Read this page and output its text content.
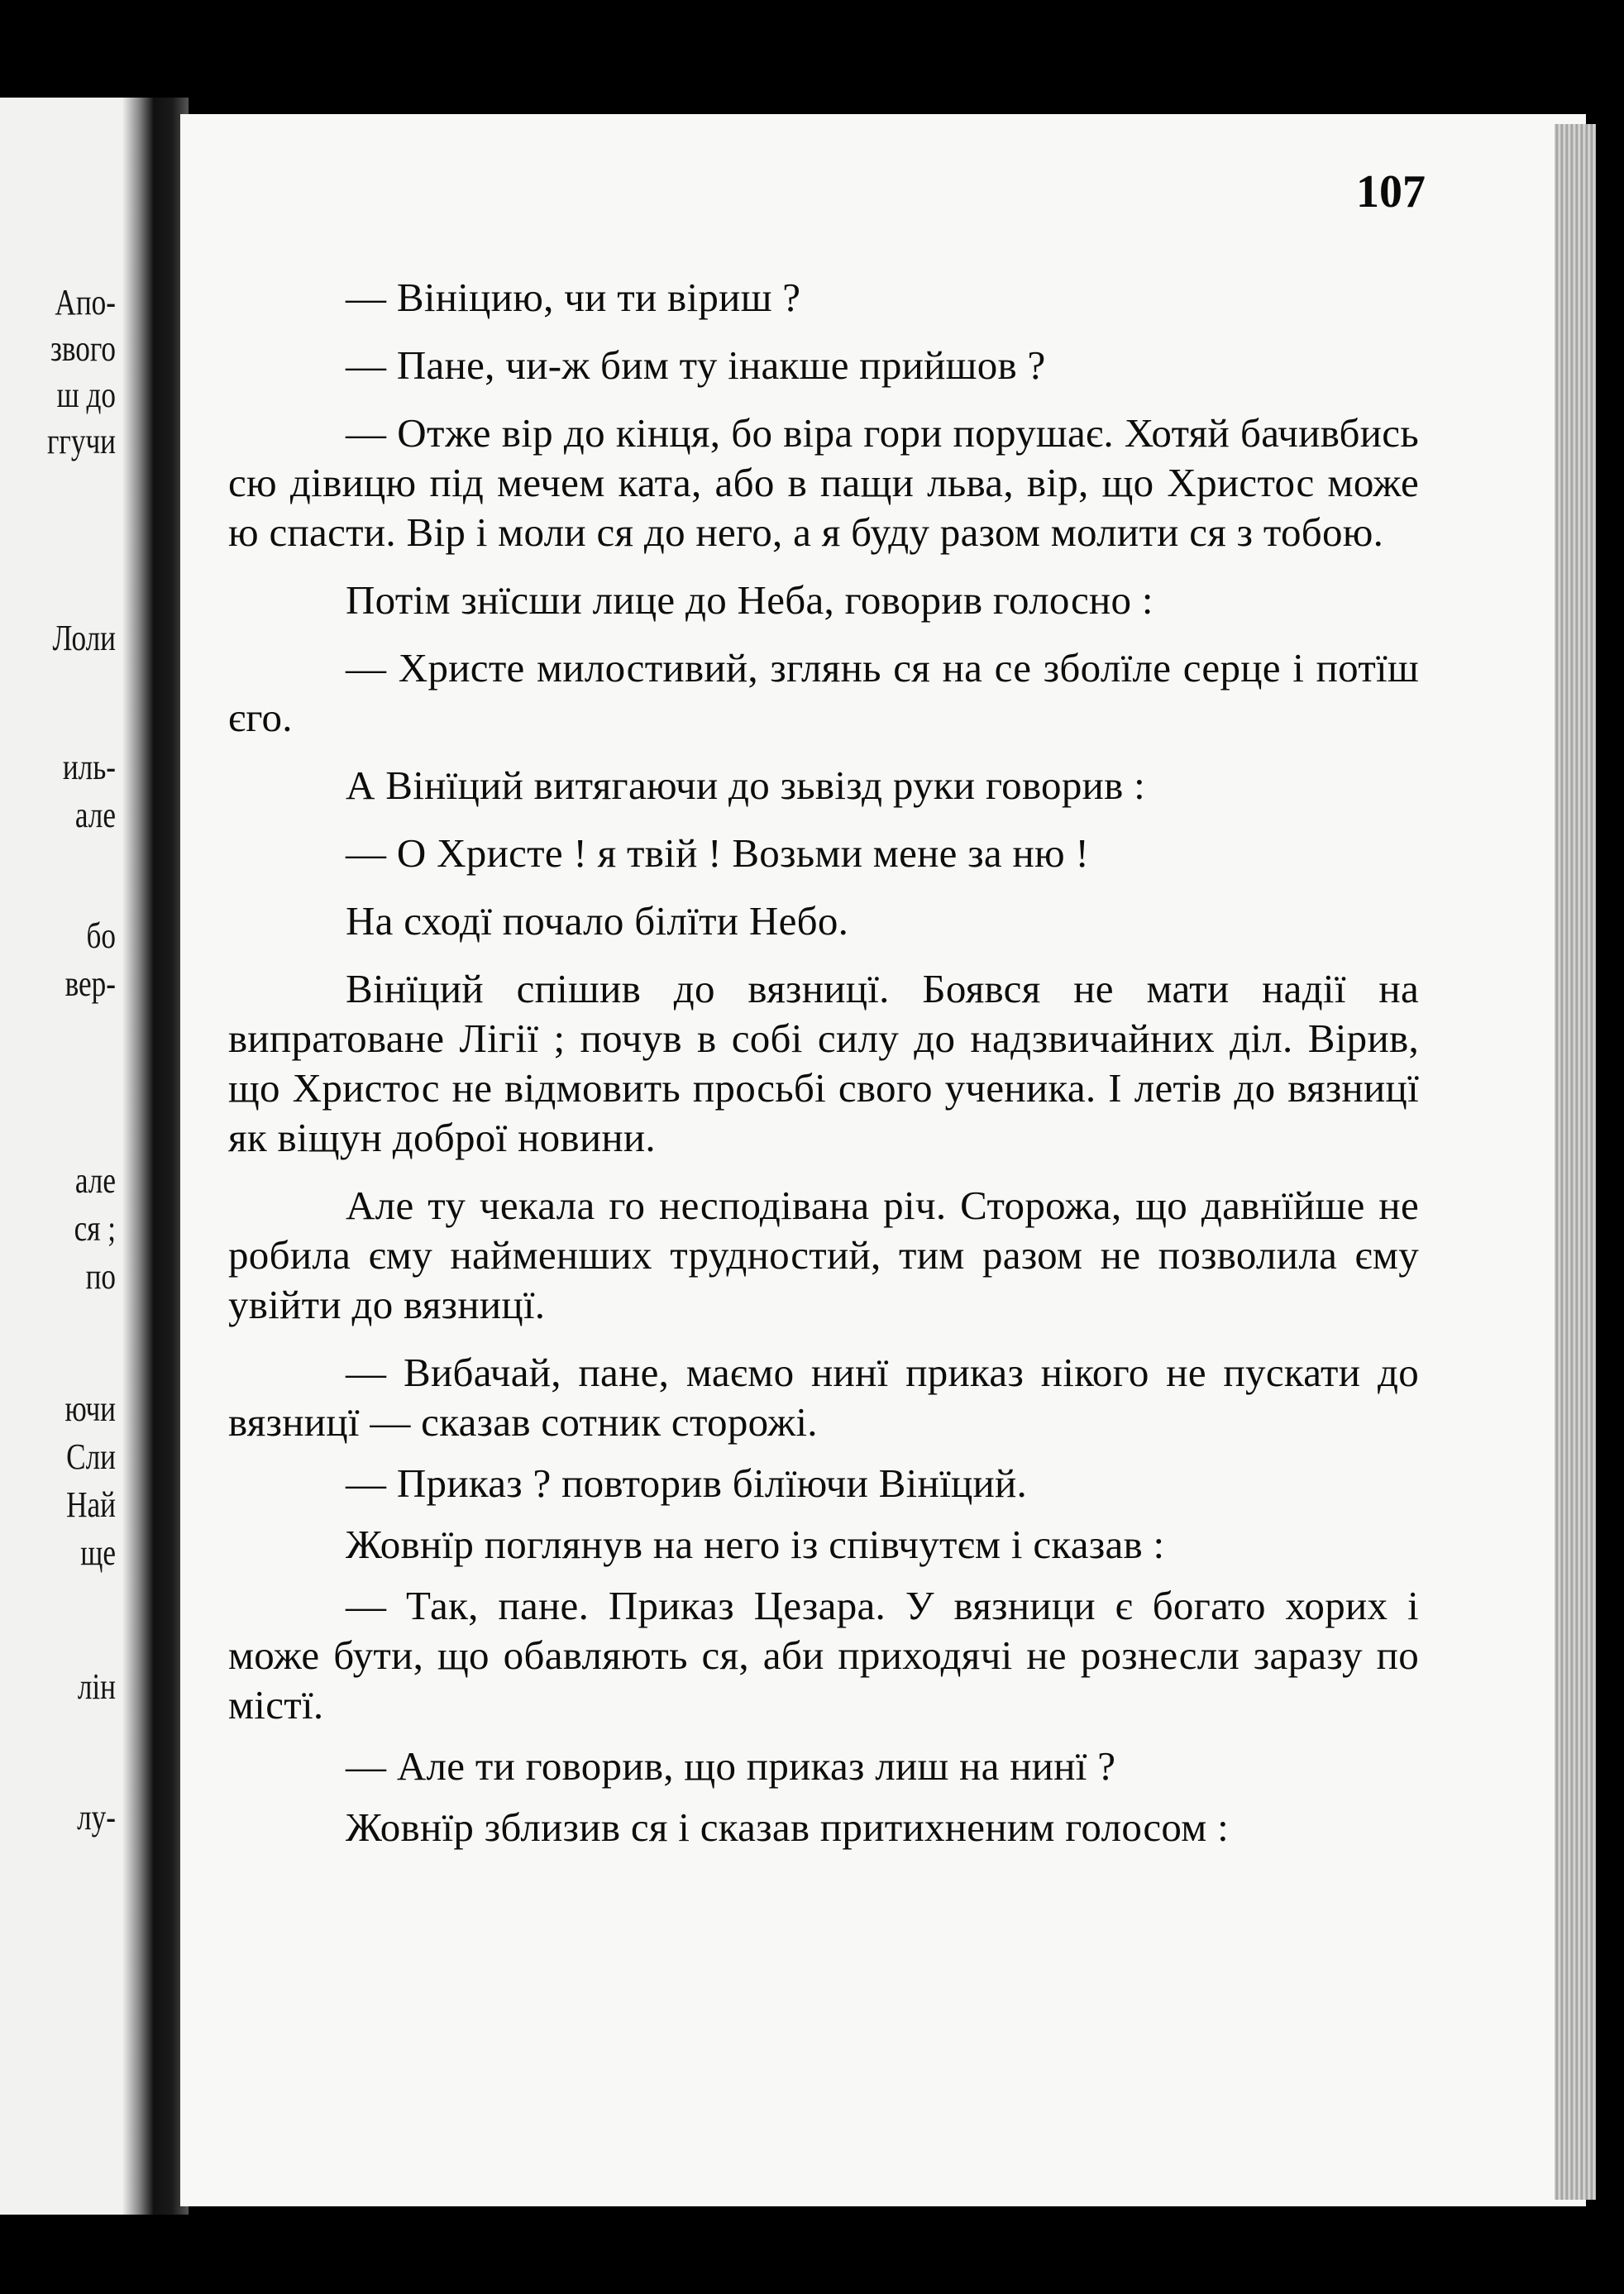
Апо-
звого
ш до
ггучи
Лоли
иль-
але
бо
вер-
але
ся ;
по
ючи
Сли
Най
ще
лін
лу-
107

— Вініцию, чи ти віриш ?

— Пане, чи-ж бим ту інакше прийшов ?

— Отже вір до кінця, бо віра гори порушає. Хотяй бачивбись сю дівицю під мечем ката, або в пащи льва, вір, що Христос може ю спасти. Вір і моли ся до него, а я буду разом молити ся з тобою.

Потім знїсши лице до Неба, говорив голосно :

— Христе милостивий, зглянь ся на се зболїле серце і потїш єго.

А Вінїций витягаючи до зьвізд руки говорив :

— О Христе ! я твій ! Возьми мене за ню !

На сходї почало білїти Небо.

Вінїций спішив до вязницї. Боявся не мати надії на випратоване Лігії ; почув в собі силу до надзвичайних діл. Вірив, що Христос не відмовить просьбі свого ученика. І летів до вязницї як віщун доброї новини.

Але ту чекала го несподівана річ. Сторожа, що давнїйше не робила єму найменших трудностий, тим разом не позволила єму увійти до вязницї.

— Вибачай, пане, маємо нинї приказ нікого не пускати до вязницї — сказав сотник сторожі.

— Приказ ? повторив білїючи Вінїций.

Жовнїр поглянув на него із співчутєм і сказав :

— Так, пане. Приказ Цезара. У вязници є богато хорих і може бути, що обавляють ся, аби приходячі не рознесли заразу по містї.

— Але ти говорив, що приказ лиш на нинї ?

Жовнїр зблизив ся і сказав притихненим голосом :
